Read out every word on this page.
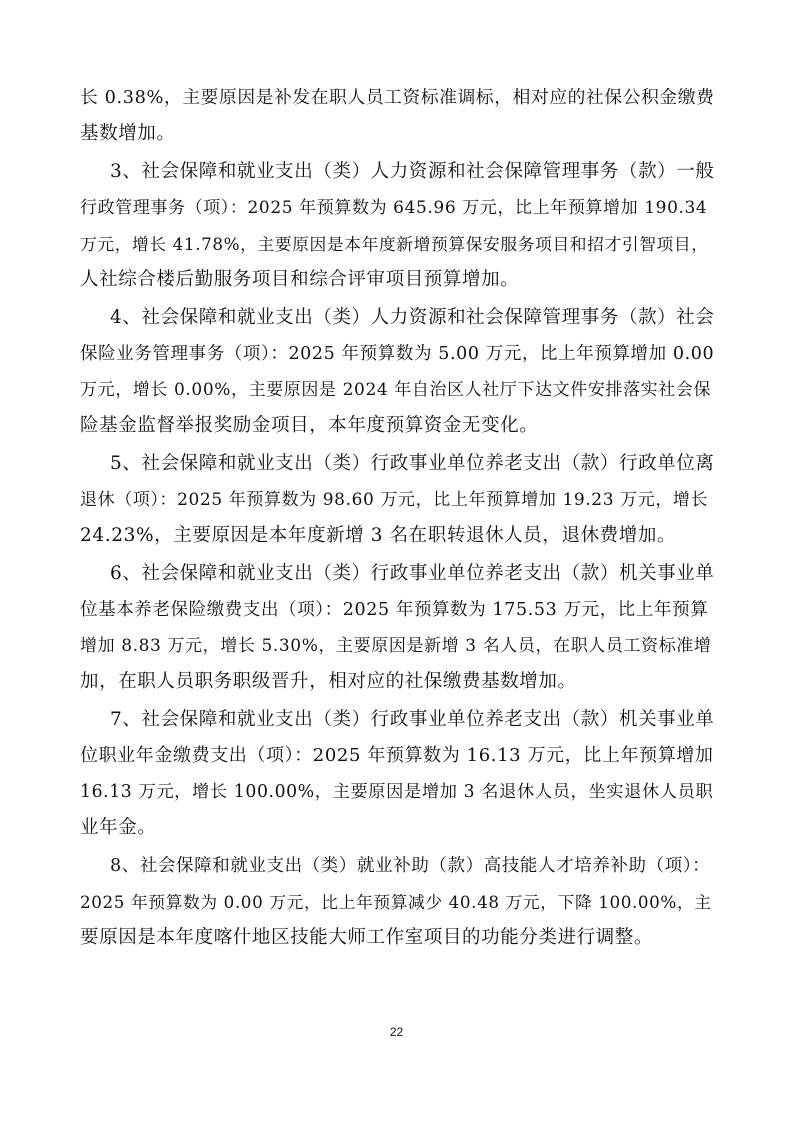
长 0.38%，主要原因是补发在职人员工资标准调标，相对应的社保公积金缴费
基数增加。
3、社会保障和就业支出（类）人力资源和社会保障管理事务（款）一般
行政管理事务（项）：2025 年预算数为 645.96 万元，比上年预算增加 190.34
万元，增长 41.78%，主要原因是本年度新增预算保安服务项目和招才引智项目，
人社综合楼后勤服务项目和综合评审项目预算增加。
4、社会保障和就业支出（类）人力资源和社会保障管理事务（款）社会
保险业务管理事务（项）：2025 年预算数为 5.00 万元，比上年预算增加 0.00
万元，增长 0.00%，主要原因是 2024 年自治区人社厅下达文件安排落实社会保
险基金监督举报奖励金项目，本年度预算资金无变化。
5、社会保障和就业支出（类）行政事业单位养老支出（款）行政单位离
退休（项）：2025 年预算数为 98.60 万元，比上年预算增加 19.23 万元，增长
24.23%，主要原因是本年度新增 3 名在职转退休人员，退休费增加。
6、社会保障和就业支出（类）行政事业单位养老支出（款）机关事业单
位基本养老保险缴费支出（项）：2025 年预算数为 175.53 万元，比上年预算
增加 8.83 万元，增长 5.30%，主要原因是新增 3 名人员，在职人员工资标准增
加，在职人员职务职级晋升，相对应的社保缴费基数增加。
7、社会保障和就业支出（类）行政事业单位养老支出（款）机关事业单
位职业年金缴费支出（项）：2025 年预算数为 16.13 万元，比上年预算增加
16.13 万元，增长 100.00%，主要原因是增加 3 名退休人员，坐实退休人员职
业年金。
8、社会保障和就业支出（类）就业补助（款）高技能人才培养补助（项）：
2025 年预算数为 0.00 万元，比上年预算减少 40.48 万元，下降 100.00%，主
要原因是本年度喀什地区技能大师工作室项目的功能分类进行调整。
22
